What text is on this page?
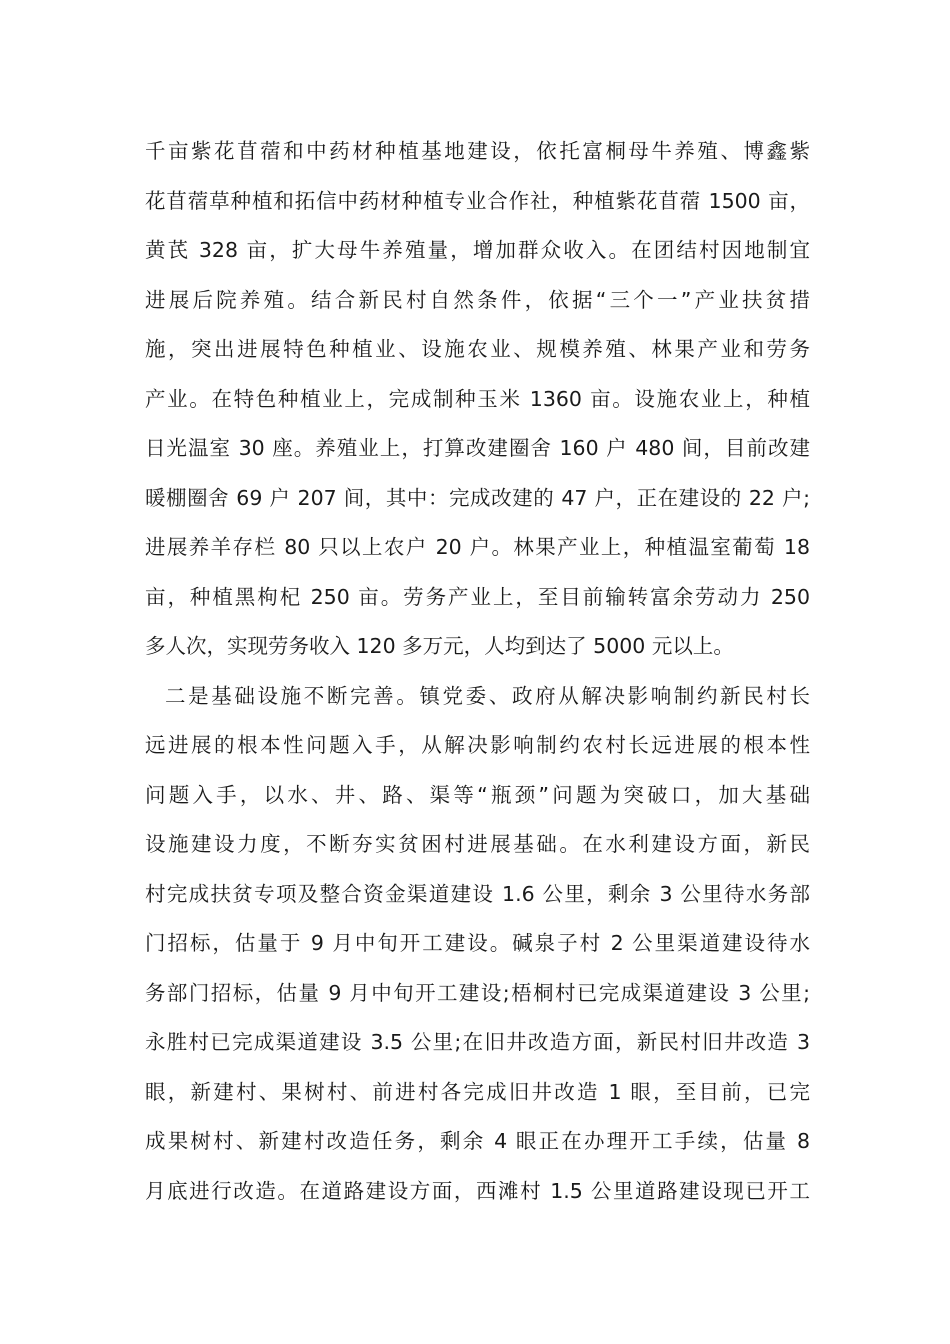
千亩紫花苜蓿和中药材种植基地建设，依托富桐母牛养殖、博鑫紫
花苜蓿草种植和拓信中药材种植专业合作社，种植紫花苜蓿 1500 亩，
黄芪 328 亩，扩大母牛养殖量，增加群众收入。在团结村因地制宜
进展后院养殖。结合新民村自然条件，依据“三个一”产业扶贫措
施，突出进展特色种植业、设施农业、规模养殖、林果产业和劳务
产业。在特色种植业上，完成制种玉米 1360 亩。设施农业上，种植
日光温室 30 座。养殖业上，打算改建圈舍 160 户 480 间，目前改建
暖棚圈舍 69 户 207 间，其中：完成改建的 47 户，正在建设的 22 户;
进展养羊存栏 80 只以上农户 20 户。林果产业上，种植温室葡萄 18
亩，种植黑枸杞 250 亩。劳务产业上，至目前输转富余劳动力 250
多人次，实现劳务收入 120 多万元，人均到达了 5000 元以上。
二是基础设施不断完善。镇党委、政府从解决影响制约新民村长
远进展的根本性问题入手，从解决影响制约农村长远进展的根本性
问题入手，以水、井、路、渠等“瓶颈”问题为突破口，加大基础
设施建设力度，不断夯实贫困村进展基础。在水利建设方面，新民
村完成扶贫专项及整合资金渠道建设 1.6 公里，剩余 3 公里待水务部
门招标，估量于 9 月中旬开工建设。碱泉子村 2 公里渠道建设待水
务部门招标，估量 9 月中旬开工建设;梧桐村已完成渠道建设 3 公里;
永胜村已完成渠道建设 3.5 公里;在旧井改造方面，新民村旧井改造 3
眼，新建村、果树村、前进村各完成旧井改造 1 眼，至目前，已完
成果树村、新建村改造任务，剩余 4 眼正在办理开工手续，估量 8
月底进行改造。在道路建设方面，西滩村 1.5 公里道路建设现已开工
